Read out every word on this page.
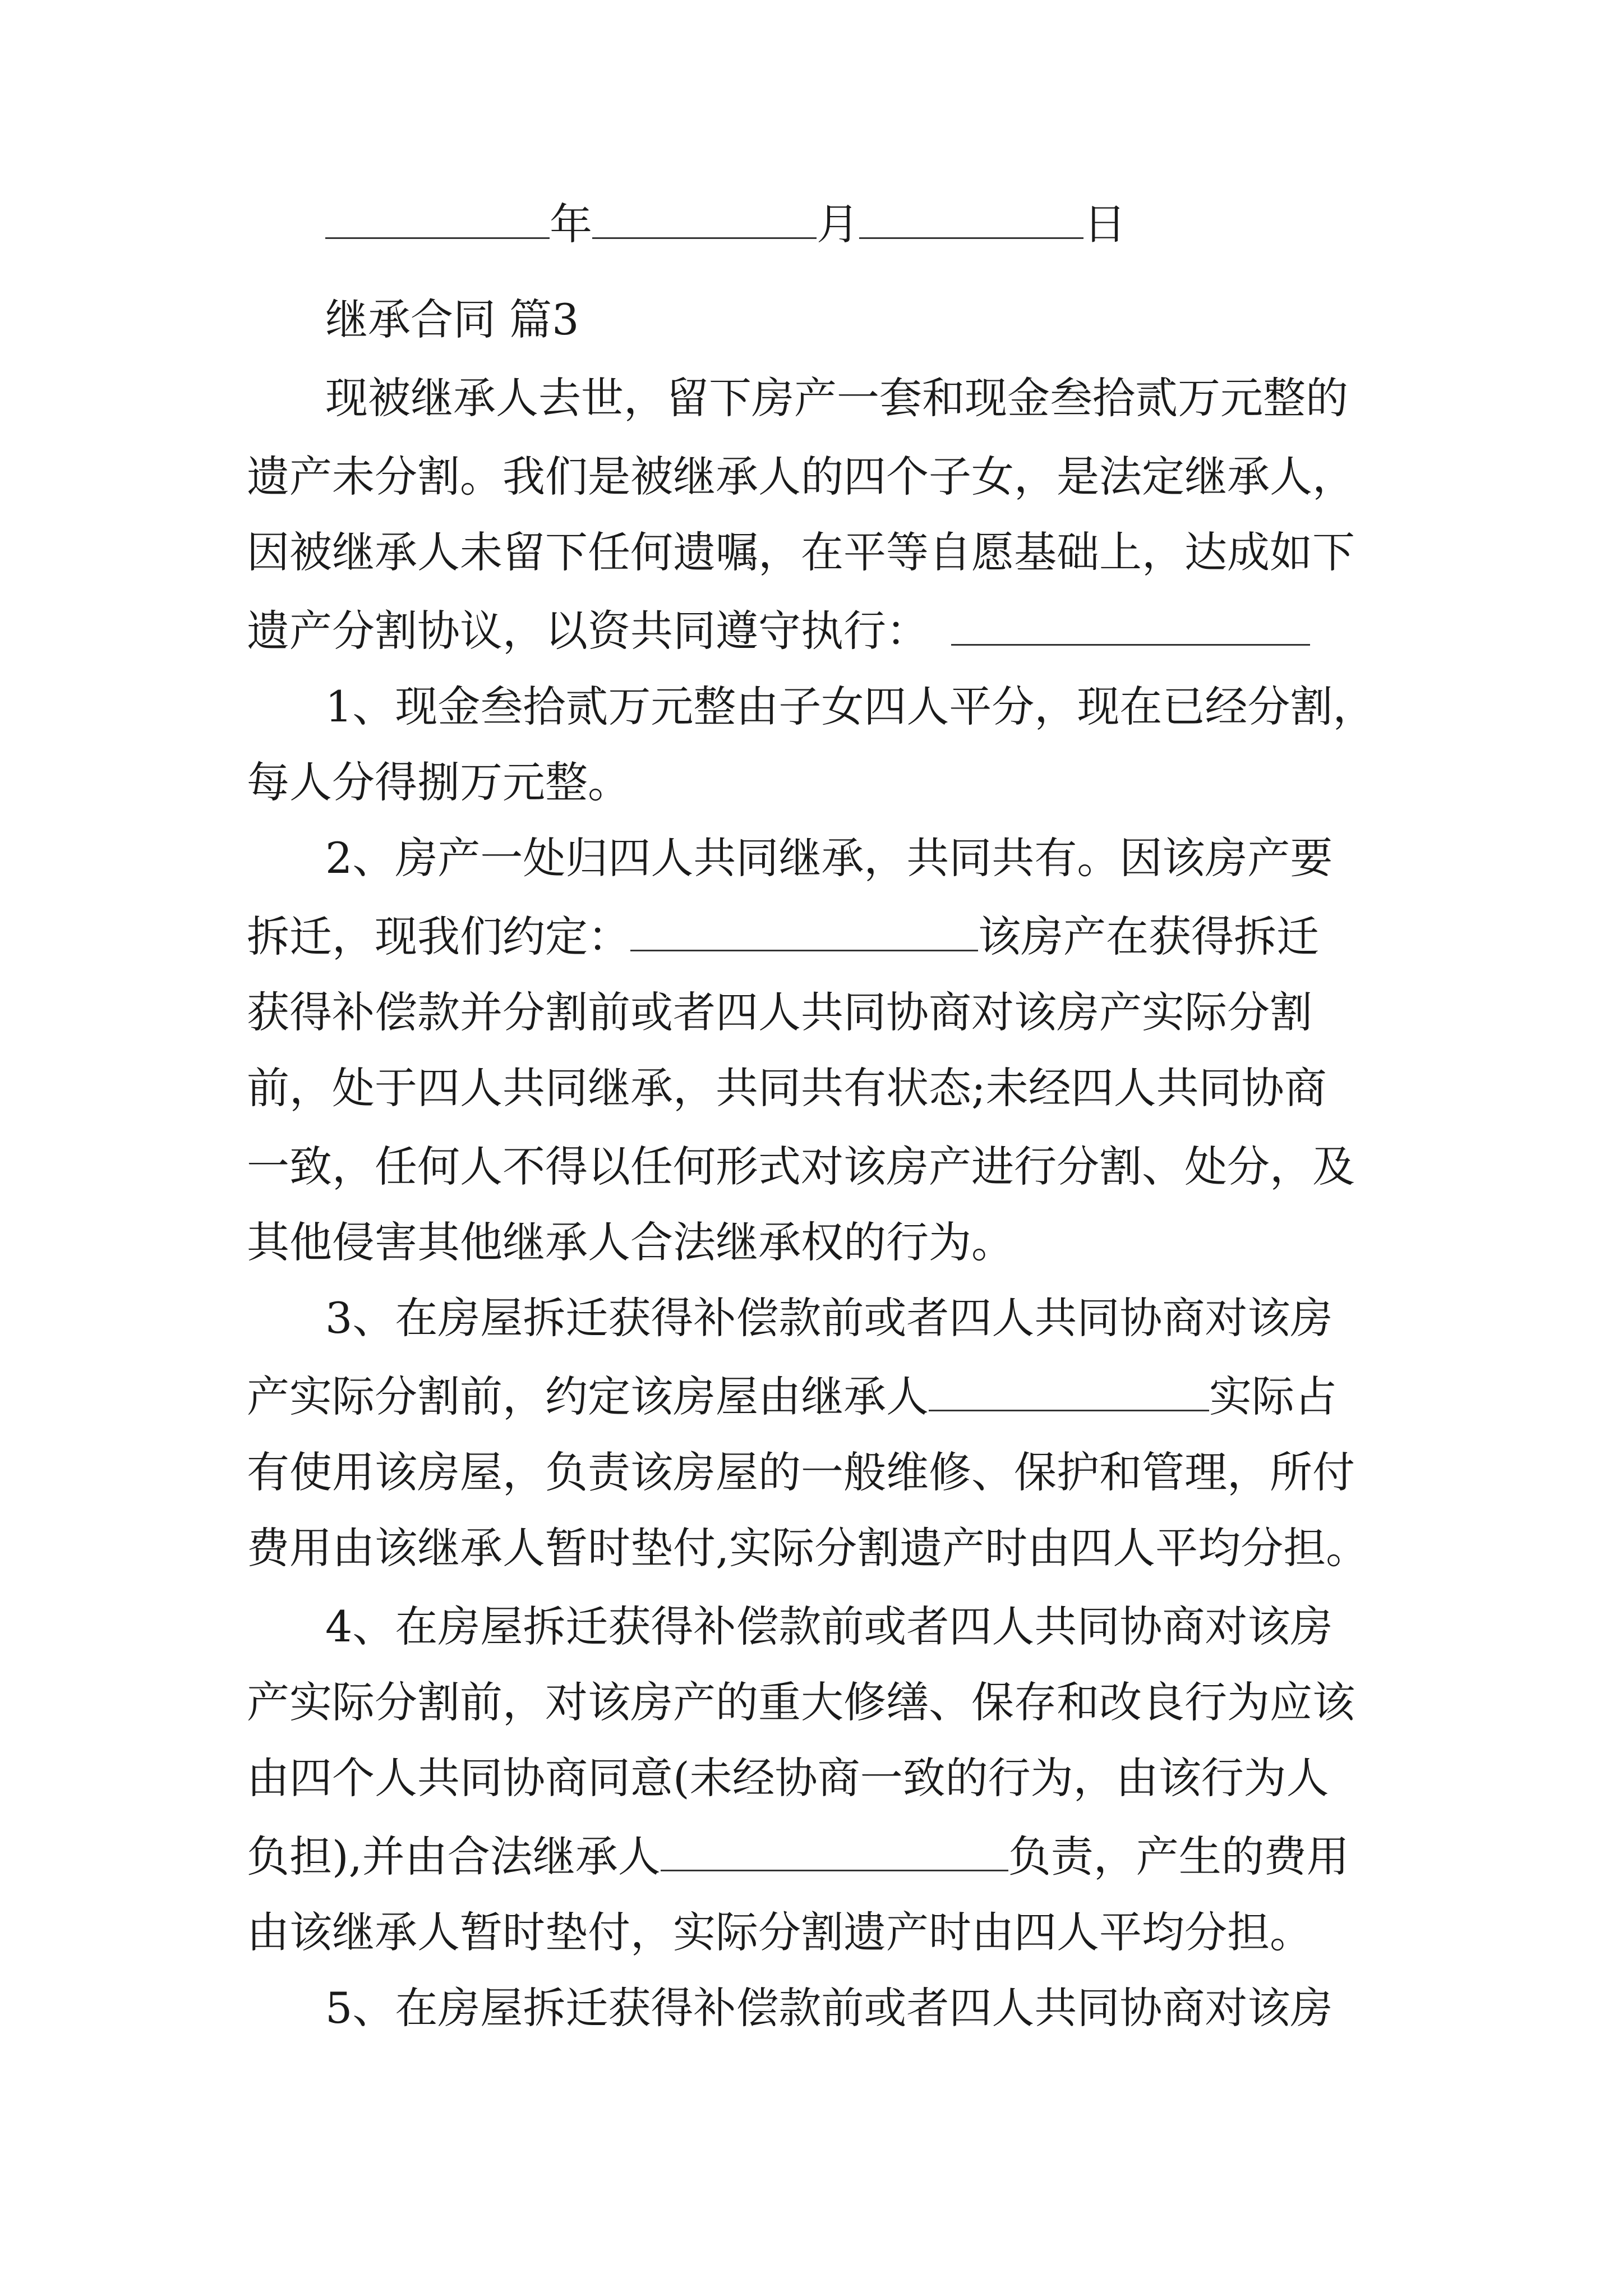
年	月	日
继承合同 篇3
现被继承人去世，留下房产一套和现金叁拾贰万元整的
遗产未分割。我们是被继承人的四个子女，是法定继承人，
因被继承人未留下任何遗嘱，在平等自愿基础上，达成如下
遗产分割协议，以资共同遵守执行：
1、现金叁拾贰万元整由子女四人平分，现在已经分割，
每人分得捌万元整。
2、房产一处归四人共同继承，共同共有。因该房产要
拆迁，现我们约定：	该房产在获得拆迁
获得补偿款并分割前或者四人共同协商对该房产实际分割
前，处于四人共同继承，共同共有状态;未经四人共同协商
一致，任何人不得以任何形式对该房产进行分割、处分，及
其他侵害其他继承人合法继承权的行为。
3、在房屋拆迁获得补偿款前或者四人共同协商对该房
产实际分割前，约定该房屋由继承人	实际占
有使用该房屋，负责该房屋的一般维修、保护和管理，所付
费用由该继承人暂时垫付,实际分割遗产时由四人平均分担。
4、在房屋拆迁获得补偿款前或者四人共同协商对该房
产实际分割前，对该房产的重大修缮、保存和改良行为应该
由四个人共同协商同意(未经协商一致的行为，由该行为人
负担),并由合法继承人	负责，产生的费用
由该继承人暂时垫付，实际分割遗产时由四人平均分担。
5、在房屋拆迁获得补偿款前或者四人共同协商对该房
